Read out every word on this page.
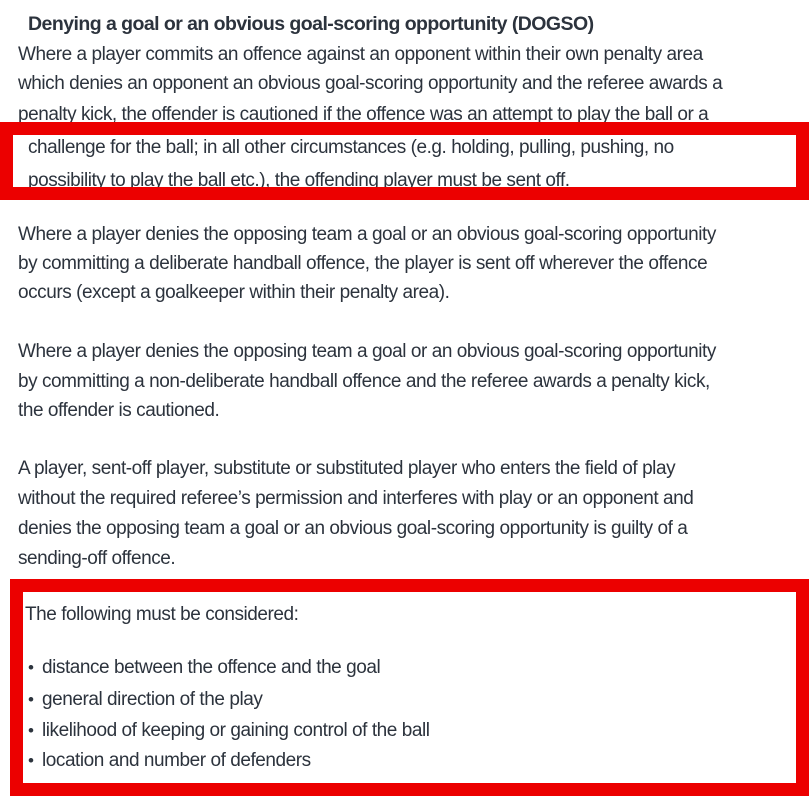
Denying a goal or an obvious goal-scoring opportunity (DOGSO)
Where a player commits an offence against an opponent within their own penalty area
which denies an opponent an obvious goal-scoring opportunity and the referee awards a
penalty kick, the offender is cautioned if the offence was an attempt to play the ball or a
challenge for the ball; in all other circumstances (e.g. holding, pulling, pushing, no
possibility to play the ball etc.), the offending player must be sent off.
Where a player denies the opposing team a goal or an obvious goal-scoring opportunity
by committing a deliberate handball offence, the player is sent off wherever the offence
occurs (except a goalkeeper within their penalty area).
Where a player denies the opposing team a goal or an obvious goal-scoring opportunity
by committing a non-deliberate handball offence and the referee awards a penalty kick,
the offender is cautioned.
A player, sent-off player, substitute or substituted player who enters the field of play
without the required referee’s permission and interferes with play or an opponent and
denies the opposing team a goal or an obvious goal-scoring opportunity is guilty of a
sending-off offence.
The following must be considered:
• distance between the offence and the goal
• general direction of the play
• likelihood of keeping or gaining control of the ball
• location and number of defenders
